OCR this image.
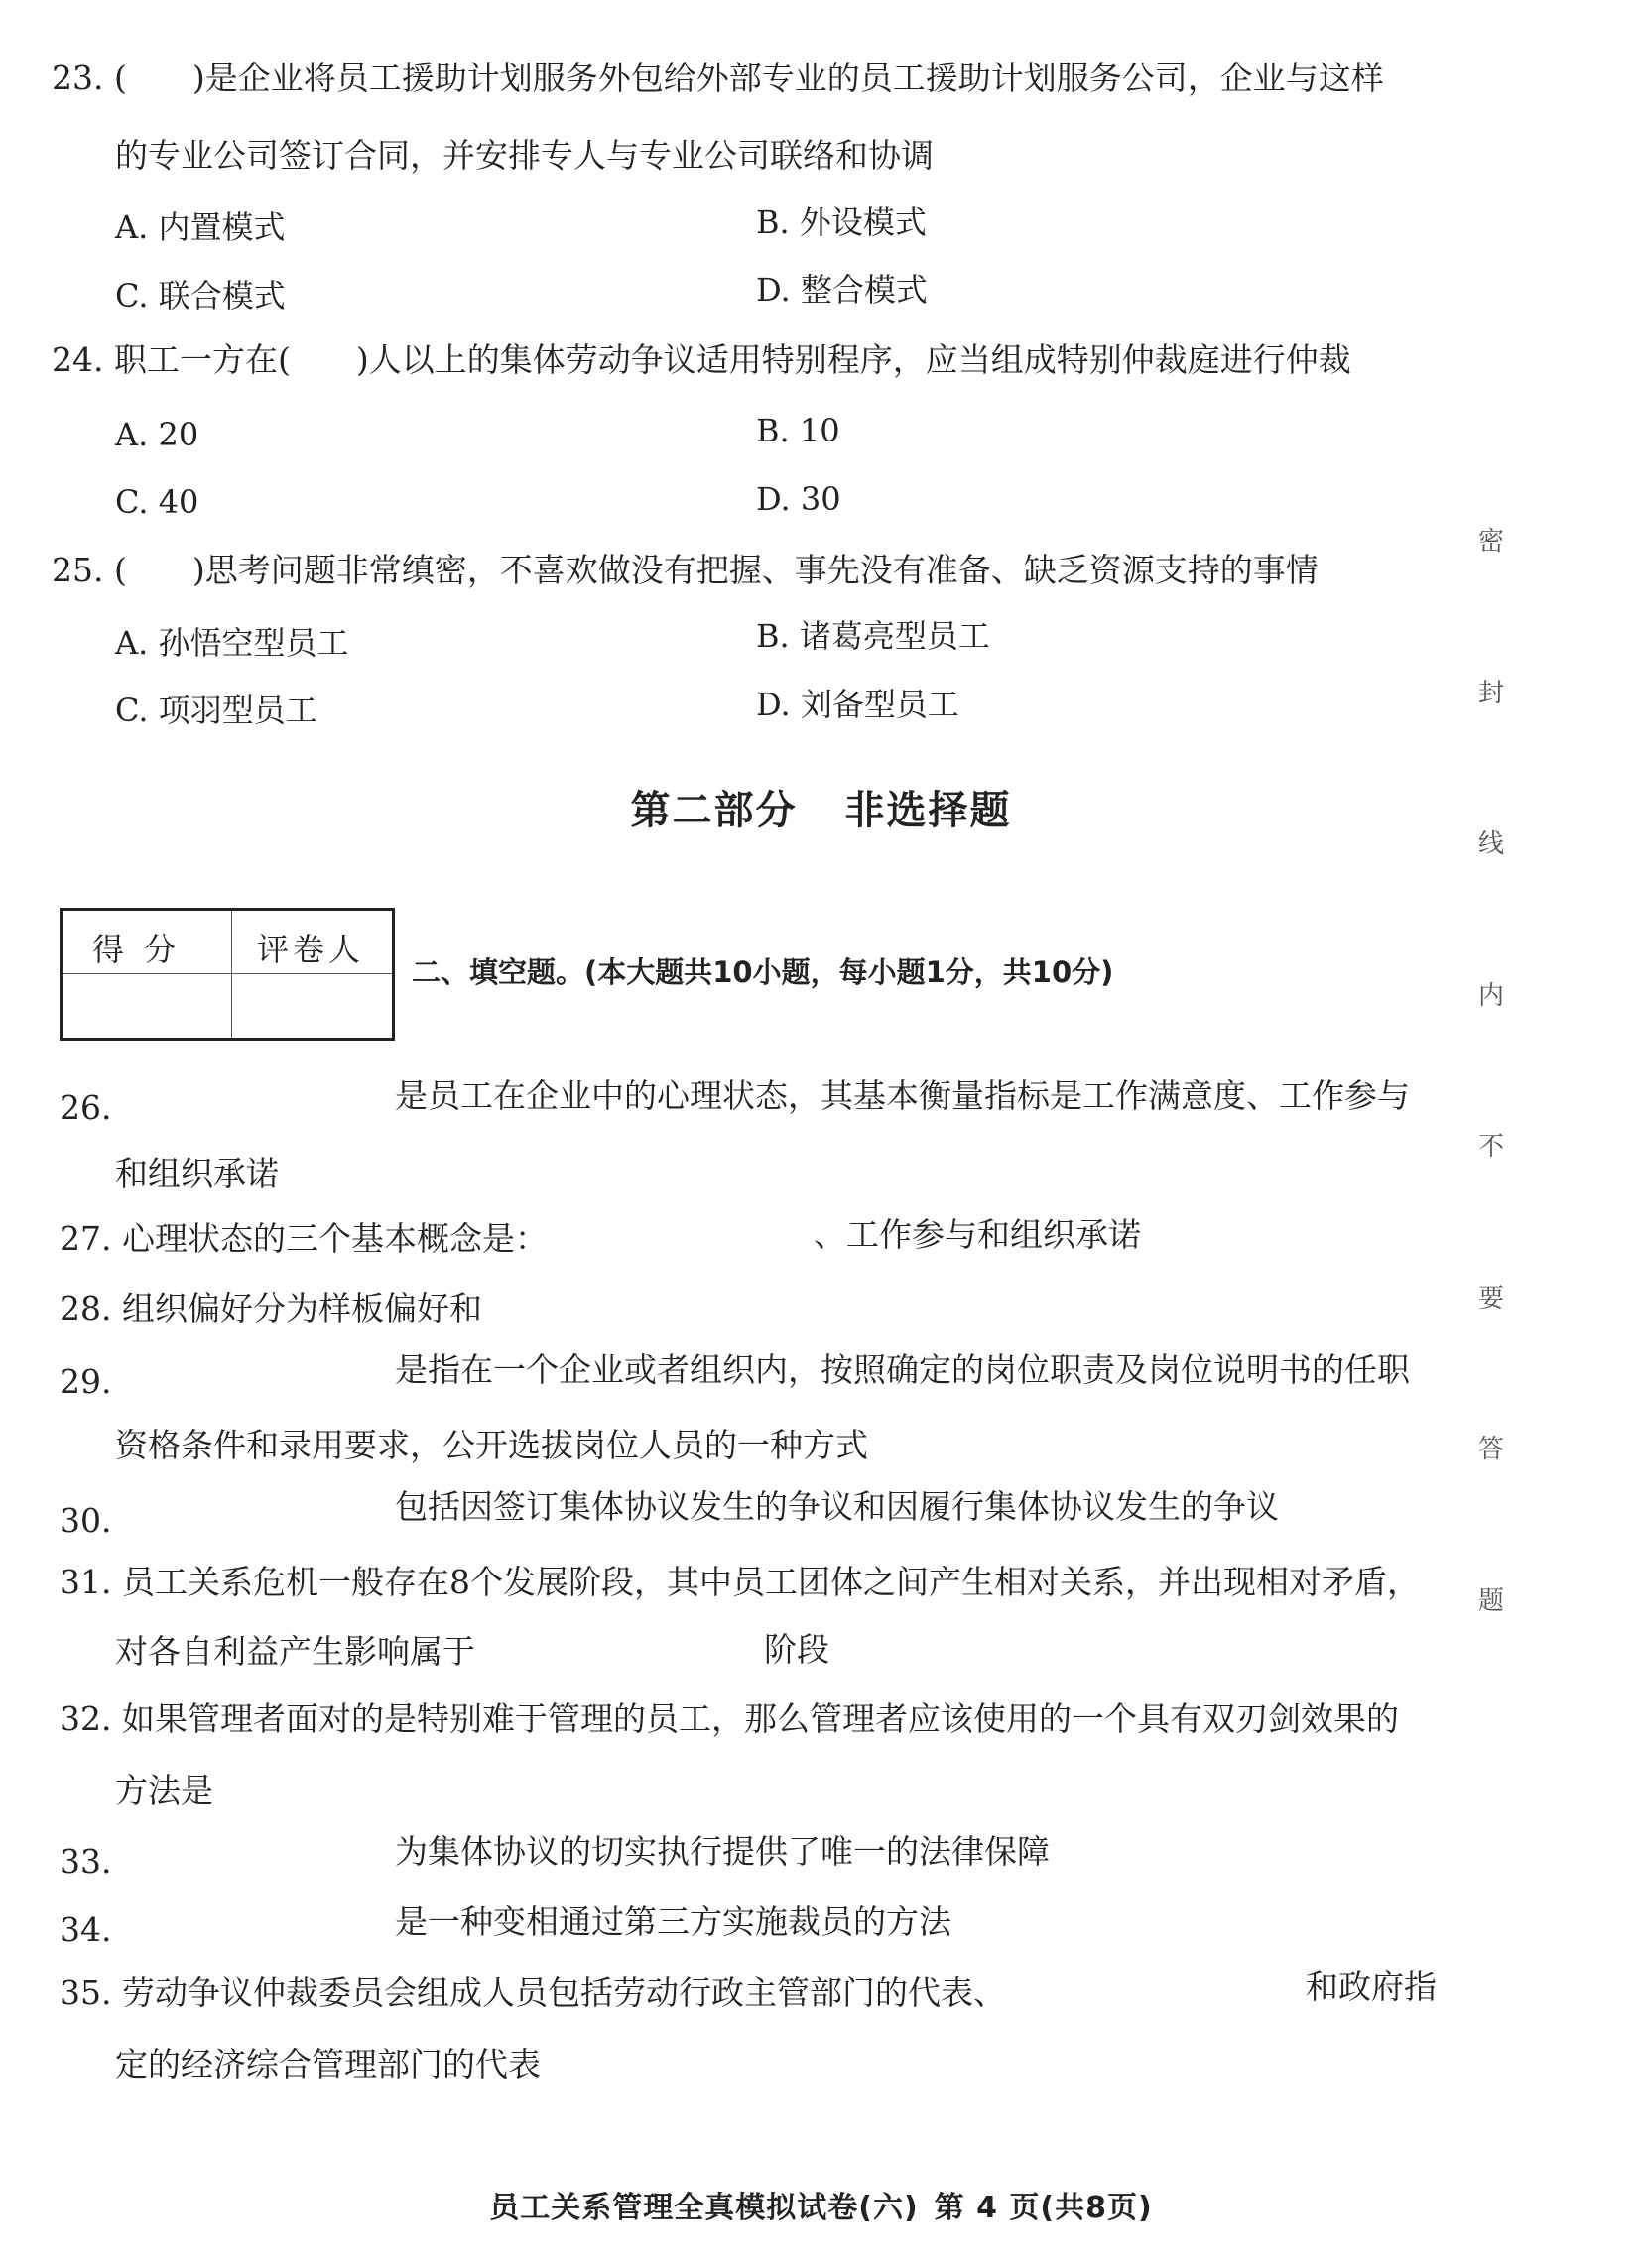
23. (　　)是企业将员工援助计划服务外包给外部专业的员工援助计划服务公司，企业与这样
的专业公司签订合同，并安排专人与专业公司联络和协调
A. 内置模式	B. 外设模式
C. 联合模式	D. 整合模式
24. 职工一方在(　　)人以上的集体劳动争议适用特别程序，应当组成特别仲裁庭进行仲裁
A. 20	B. 10
C. 40	D. 30
25. (　　)思考问题非常缜密，不喜欢做没有把握、事先没有准备、缺乏资源支持的事情
A. 孙悟空型员工	B. 诸葛亮型员工
C. 项羽型员工	D. 刘备型员工
第二部分 非选择题
得分 评卷人
二、填空题。(本大题共10小题，每小题1分，共10分)
26.	是员工在企业中的心理状态，其基本衡量指标是工作满意度、工作参与
和组织承诺
27. 心理状态的三个基本概念是：	、工作参与和组织承诺
28. 组织偏好分为样板偏好和
29.	是指在一个企业或者组织内，按照确定的岗位职责及岗位说明书的任职
资格条件和录用要求，公开选拔岗位人员的一种方式
30.	包括因签订集体协议发生的争议和因履行集体协议发生的争议
31. 员工关系危机一般存在8个发展阶段，其中员工团体之间产生相对关系，并出现相对矛盾，
对各自利益产生影响属于	阶段
32. 如果管理者面对的是特别难于管理的员工，那么管理者应该使用的一个具有双刃剑效果的
方法是
33.	为集体协议的切实执行提供了唯一的法律保障
34.	是一种变相通过第三方实施裁员的方法
35. 劳动争议仲裁委员会组成人员包括劳动行政主管部门的代表、	和政府指
定的经济综合管理部门的代表
密
封
线
内
不
要
答
题
员工关系管理全真模拟试卷(六) 第 4 页(共8页)
